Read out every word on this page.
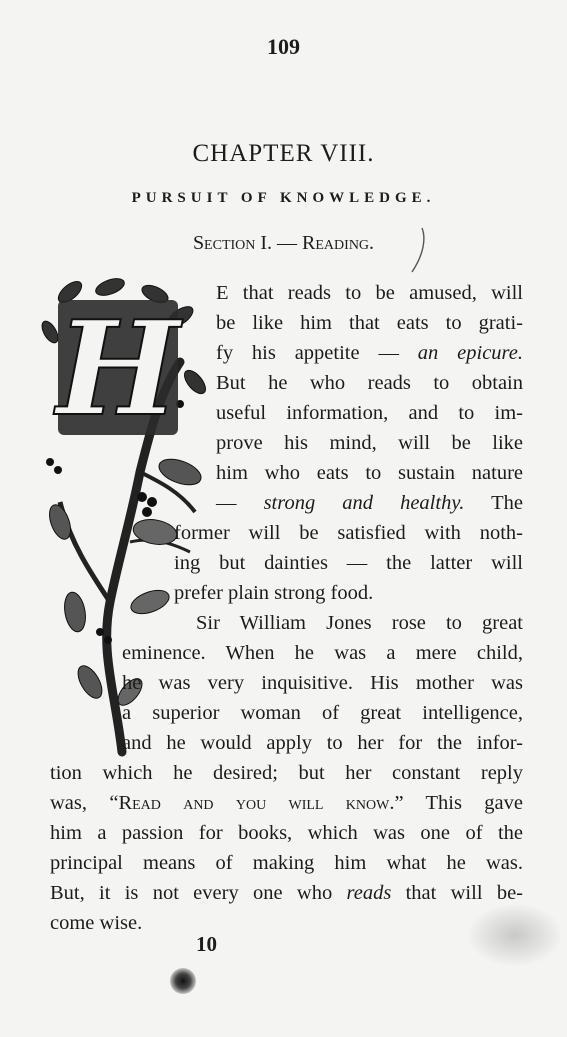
109
CHAPTER VIII.
PURSUIT OF KNOWLEDGE.
Section I. — Reading.
H E that reads to be amused, will
be like him that eats to grati-
fy his appetite — an epicure.
But he who reads to obtain
useful information, and to im-
prove his mind, will be like
him who eats to sustain nature
— strong and healthy. The
former will be satisfied with noth-
ing but dainties — the latter will
prefer plain strong food.
Sir William Jones rose to great
eminence. When he was a mere child,
he was very inquisitive. His mother was
a superior woman of great intelligence,
and he would apply to her for the infor-
tion which he desired; but her constant reply
was, “Read and you will know.” This gave
him a passion for books, which was one of the
principal means of making him what he was.
But, it is not every one who reads that will be-
come wise.
10
